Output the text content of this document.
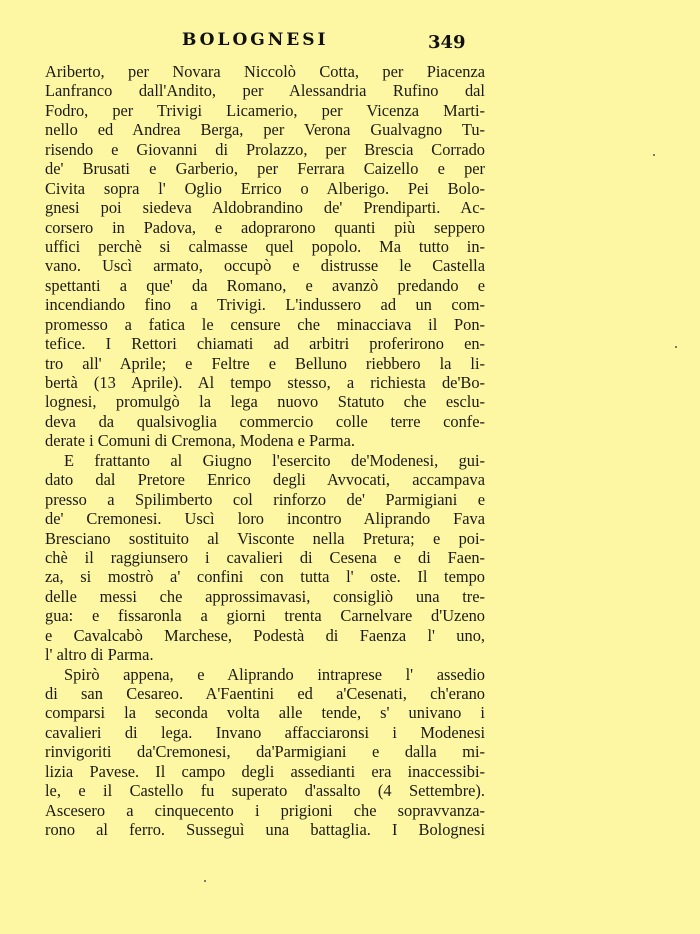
BOLOGNESI	349
Ariberto, per Novara Niccolò Cotta, per Piacenza
Lanfranco dall'Andito, per Alessandria Rufino dal
Fodro, per Trivigi Licamerio, per Vicenza Marti-
nello ed Andrea Berga, per Verona Gualvagno Tu-
risendo e Giovanni di Prolazzo, per Brescia Corrado
de' Brusati e Garberio, per Ferrara Caizello e per
Civita sopra l' Oglio Errico o Alberigo. Pei Bolo-
gnesi poi siedeva Aldobrandino de' Prendiparti. Ac-
corsero in Padova, e adoprarono quanti più seppero
uffici perchè si calmasse quel popolo. Ma tutto in-
vano. Uscì armato, occupò e distrusse le Castella
spettanti a que' da Romano, e avanzò predando e
incendiando fino a Trivigi. L'indussero ad un com-
promesso a fatica le censure che minacciava il Pon-
tefice. I Rettori chiamati ad arbitri proferirono en-
tro all' Aprile; e Feltre e Belluno riebbero la li-
bertà (13 Aprile). Al tempo stesso, a richiesta de'Bo-
lognesi, promulgò la lega nuovo Statuto che esclu-
deva da qualsivoglia commercio colle terre confe-
derate i Comuni di Cremona, Modena e Parma.
E frattanto al Giugno l'esercito de'Modenesi, gui-
dato dal Pretore Enrico degli Avvocati, accampava
presso a Spilimberto col rinforzo de' Parmigiani e
de' Cremonesi. Uscì loro incontro Aliprando Fava
Bresciano sostituito al Visconte nella Pretura; e poi-
chè il raggiunsero i cavalieri di Cesena e di Faen-
za, si mostrò a' confini con tutta l' oste. Il tempo
delle messi che approssimavasi, consigliò una tre-
gua: e fissaronla a giorni trenta Carnelvare d'Uzeno
e Cavalcabò Marchese, Podestà di Faenza l' uno,
l' altro di Parma.
Spirò appena, e Aliprando intraprese l' assedio
di san Cesareo. A'Faentini ed a'Cesenati, ch'erano
comparsi la seconda volta alle tende, s' univano i
cavalieri di lega. Invano affacciaronsi i Modenesi
rinvigoriti da'Cremonesi, da'Parmigiani e dalla mi-
lizia Pavese. Il campo degli assedianti era inaccessibi-
le, e il Castello fu superato d'assalto (4 Settembre).
Ascesero a cinquecento i prigioni che sopravvanza-
rono al ferro. Susseguì una battaglia. I Bolognesi
